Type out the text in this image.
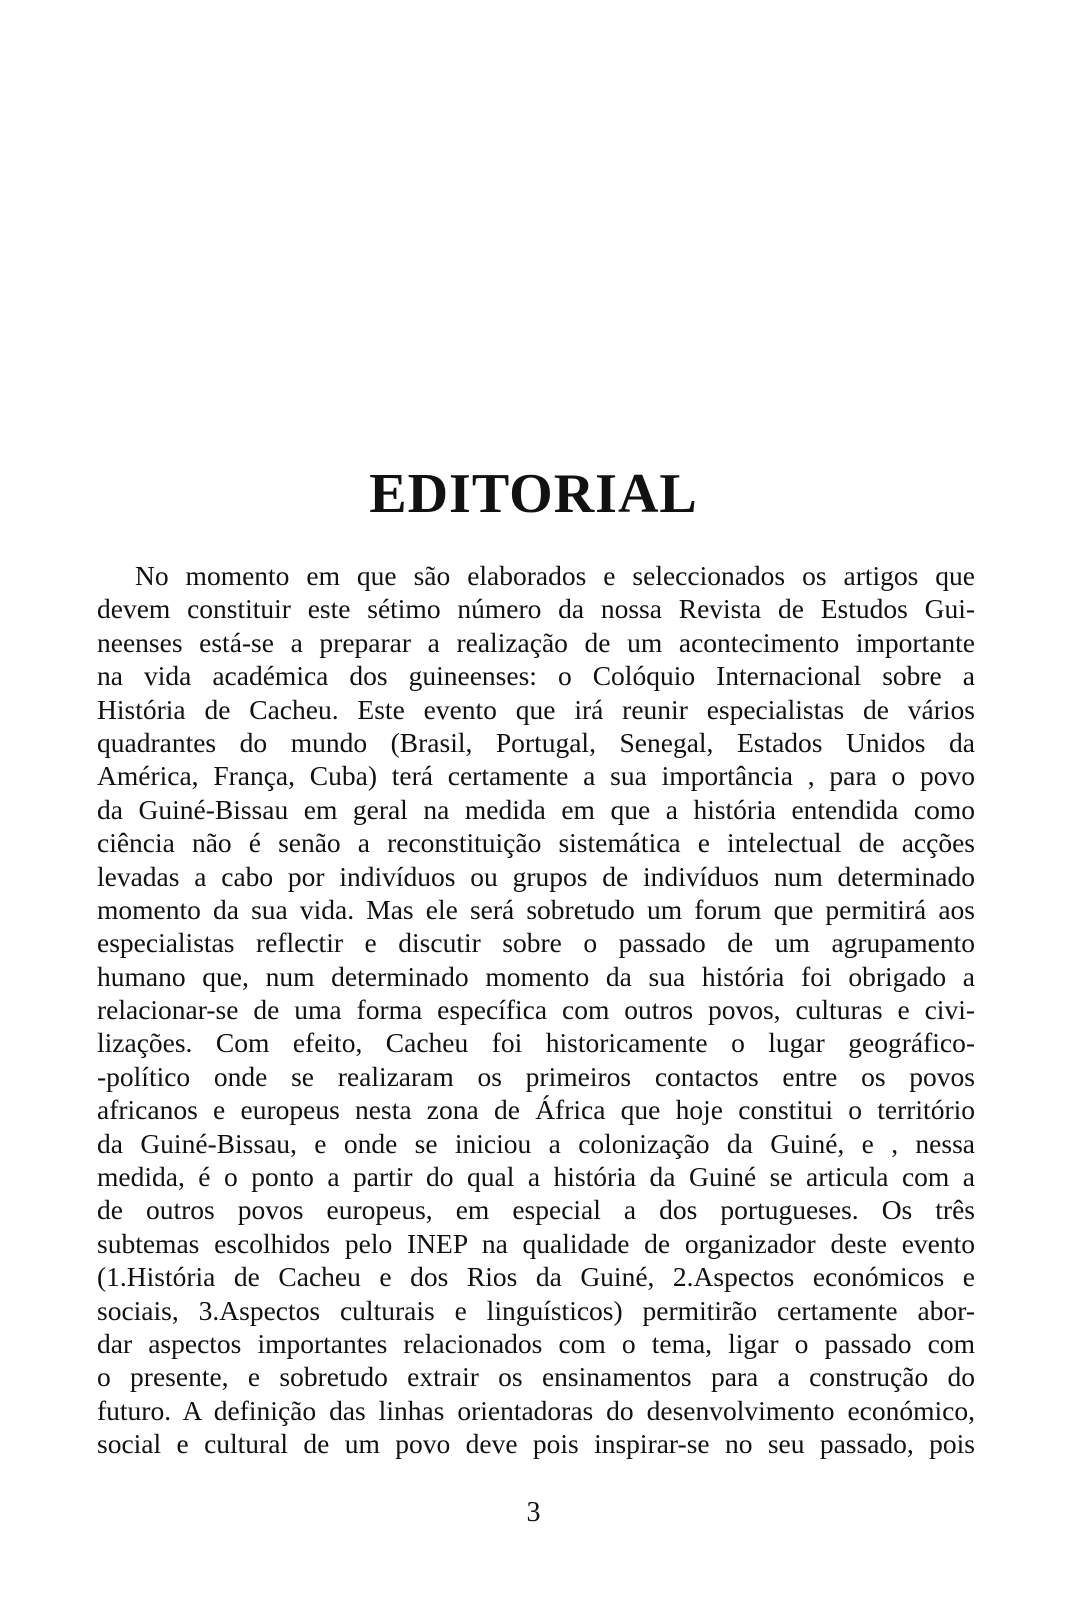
EDITORIAL
No momento em que são elaborados e seleccionados os artigos que
devem constituir este sétimo número da nossa Revista de Estudos Gui-
neenses está-se a preparar a realização de um acontecimento importante
na vida académica dos guineenses: o Colóquio Internacional sobre a
História de Cacheu. Este evento que irá reunir especialistas de vários
quadrantes do mundo (Brasil, Portugal, Senegal, Estados Unidos da
América, França, Cuba) terá certamente a sua importância , para o povo
da Guiné-Bissau em geral na medida em que a história entendida como
ciência não é senão a reconstituição sistemática e intelectual de acções
levadas a cabo por indivíduos ou grupos de indivíduos num determinado
momento da sua vida. Mas ele será sobretudo um forum que permitirá aos
especialistas reflectir e discutir sobre o passado de um agrupamento
humano que, num determinado momento da sua história foi obrigado a
relacionar-se de uma forma específica com outros povos, culturas e civi-
lizações. Com efeito, Cacheu foi historicamente o lugar geográfico-
-político onde se realizaram os primeiros contactos entre os povos
africanos e europeus nesta zona de África que hoje constitui o território
da Guiné-Bissau, e onde se iniciou a colonização da Guiné, e , nessa
medida, é o ponto a partir do qual a história da Guiné se articula com a
de outros povos europeus, em especial a dos portugueses. Os três
subtemas escolhidos pelo INEP na qualidade de organizador deste evento
(1.História de Cacheu e dos Rios da Guiné, 2.Aspectos económicos e
sociais, 3.Aspectos culturais e linguísticos) permitirão certamente abor-
dar aspectos importantes relacionados com o tema, ligar o passado com
o presente, e sobretudo extrair os ensinamentos para a construção do
futuro. A definição das linhas orientadoras do desenvolvimento económico,
social e cultural de um povo deve pois inspirar-se no seu passado, pois
3
